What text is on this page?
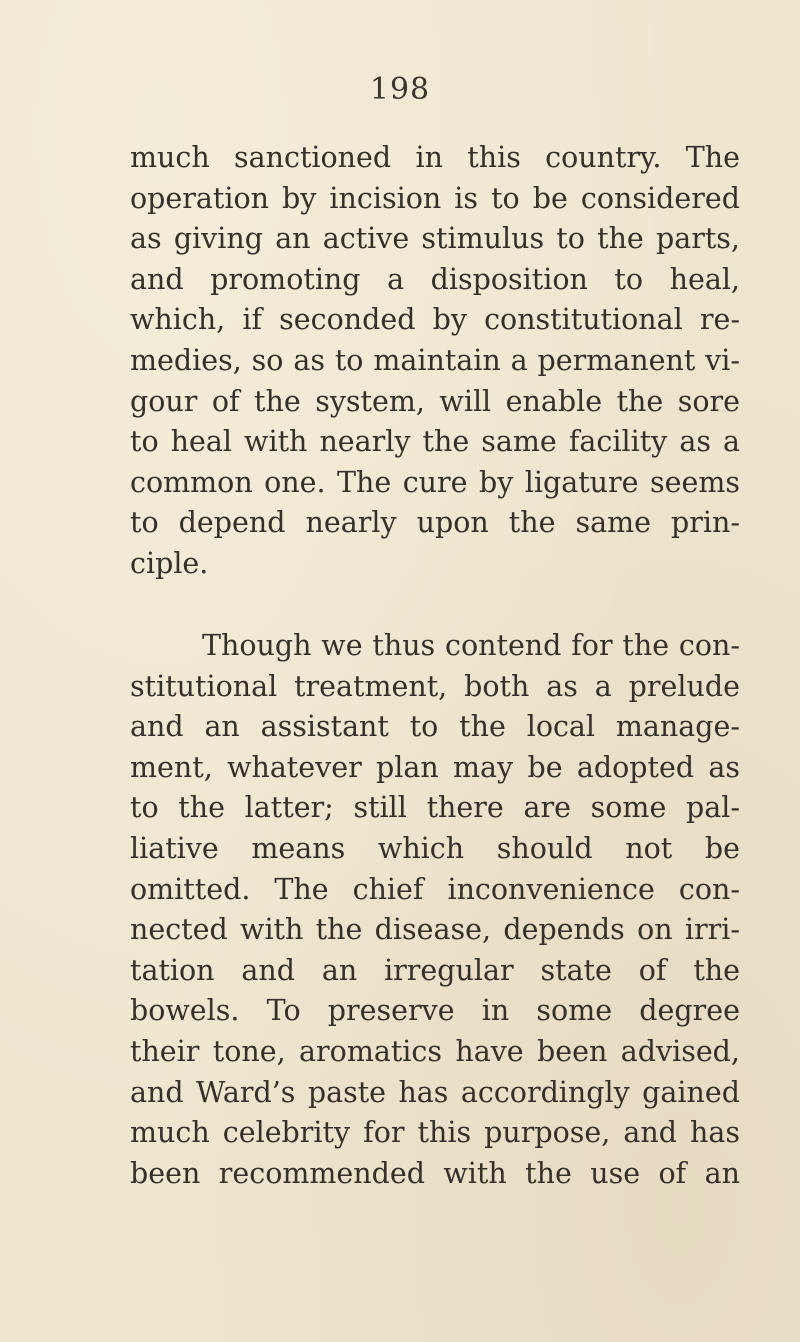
198
much sanctioned in this country. The
operation by incision is to be considered
as giving an active stimulus to the parts,
and promoting a disposition to heal,
which, if seconded by constitutional re-
medies, so as to maintain a permanent vi-
gour of the system, will enable the sore
to heal with nearly the same facility as a
common one. The cure by ligature seems
to depend nearly upon the same prin-
ciple.
Though we thus contend for the con-
stitutional treatment, both as a prelude
and an assistant to the local manage-
ment, whatever plan may be adopted as
to the latter; still there are some pal-
liative means which should not be
omitted. The chief inconvenience con-
nected with the disease, depends on irri-
tation and an irregular state of the
bowels. To preserve in some degree
their tone, aromatics have been advised,
and Ward’s paste has accordingly gained
much celebrity for this purpose, and has
been recommended with the use of an
